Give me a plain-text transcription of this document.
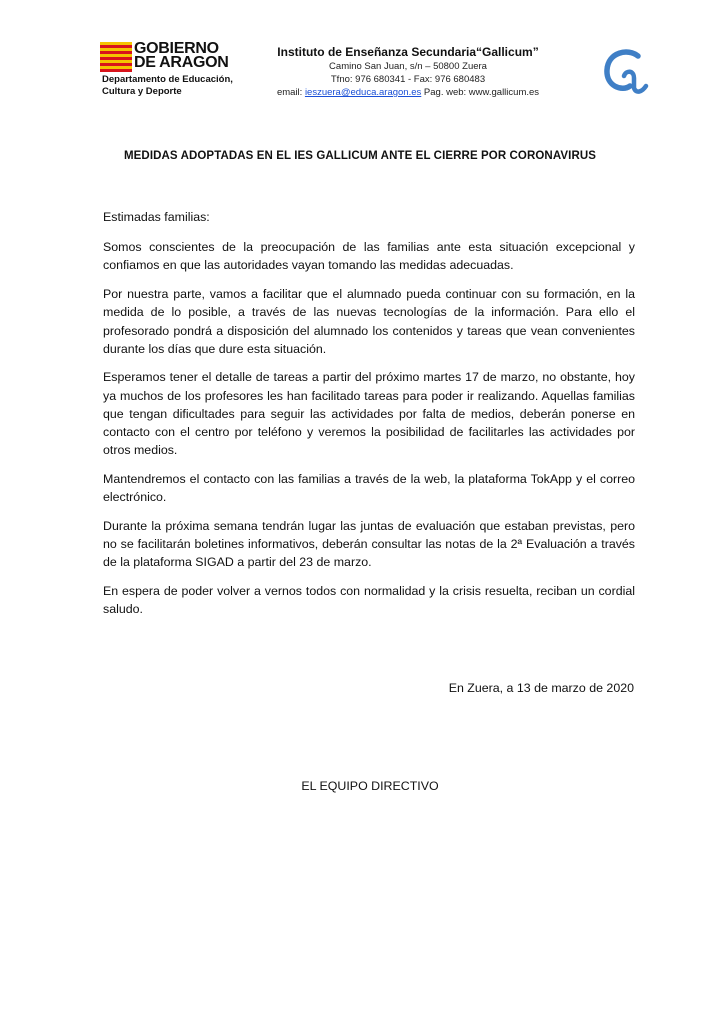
GOBIERNO
DE ARAGON
Departamento de Educación,
Cultura y Deporte
Instituto de Enseñanza Secundaria“Gallicum”
Camino San Juan, s/n – 50800 Zuera
Tfno: 976 680341 - Fax: 976 680483
email: ieszuera@educa.aragon.es Pag. web: www.gallicum.es
MEDIDAS ADOPTADAS EN EL IES GALLICUM ANTE EL CIERRE POR CORONAVIRUS

Estimadas familias:

Somos conscientes de la preocupación de las familias ante esta situación excepcional y confiamos en que las autoridades vayan tomando las medidas adecuadas.

Por nuestra parte, vamos a facilitar que el alumnado pueda continuar con su formación, en la medida de lo posible, a través de las nuevas tecnologías de la información. Para ello el profesorado pondrá a disposición del alumnado los contenidos y tareas que vean convenientes durante los días que dure esta situación.

Esperamos tener el detalle de tareas a partir del próximo martes 17 de marzo, no obstante, hoy ya muchos de los profesores les han facilitado tareas para poder ir realizando. Aquellas familias que tengan dificultades para seguir las actividades por falta de medios, deberán ponerse en contacto con el centro por teléfono y veremos la posibilidad de facilitarles las actividades por otros medios.

Mantendremos el contacto con las familias a través de la web, la plataforma TokApp y el correo electrónico.

Durante la próxima semana tendrán lugar las juntas de evaluación que estaban previstas, pero no se facilitarán boletines informativos, deberán consultar las notas de la 2ª Evaluación a través de la plataforma SIGAD a partir del 23 de marzo.

En espera de poder volver a vernos todos con normalidad y la crisis resuelta, reciban un cordial saludo.

En Zuera, a 13 de marzo de 2020
EL EQUIPO DIRECTIVO
